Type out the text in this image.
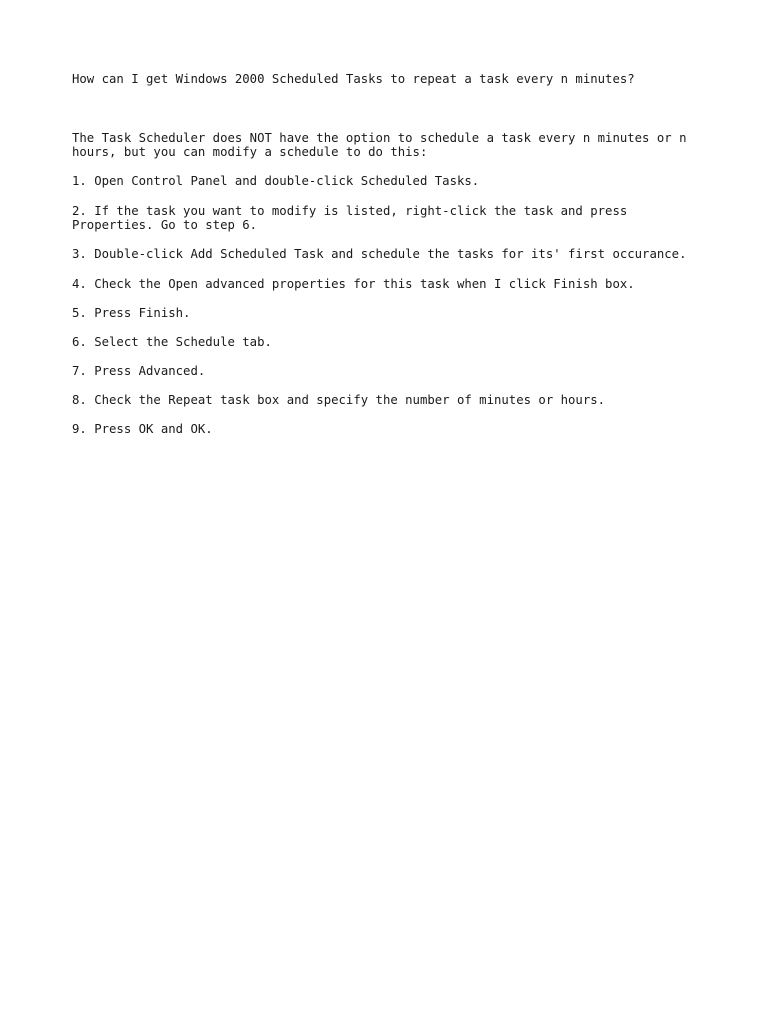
How can I get Windows 2000 Scheduled Tasks to repeat a task every n minutes?

The Task Scheduler does NOT have the option to schedule a task every n minutes or n
hours, but you can modify a schedule to do this:

1. Open Control Panel and double-click Scheduled Tasks.
2. If the task you want to modify is listed, right-click the task and press
Properties. Go to step 6.
3. Double-click Add Scheduled Task and schedule the tasks for its' first occurance.
4. Check the Open advanced properties for this task when I click Finish box.
5. Press Finish.
6. Select the Schedule tab.
7. Press Advanced.
8. Check the Repeat task box and specify the number of minutes or hours.
9. Press OK and OK.
